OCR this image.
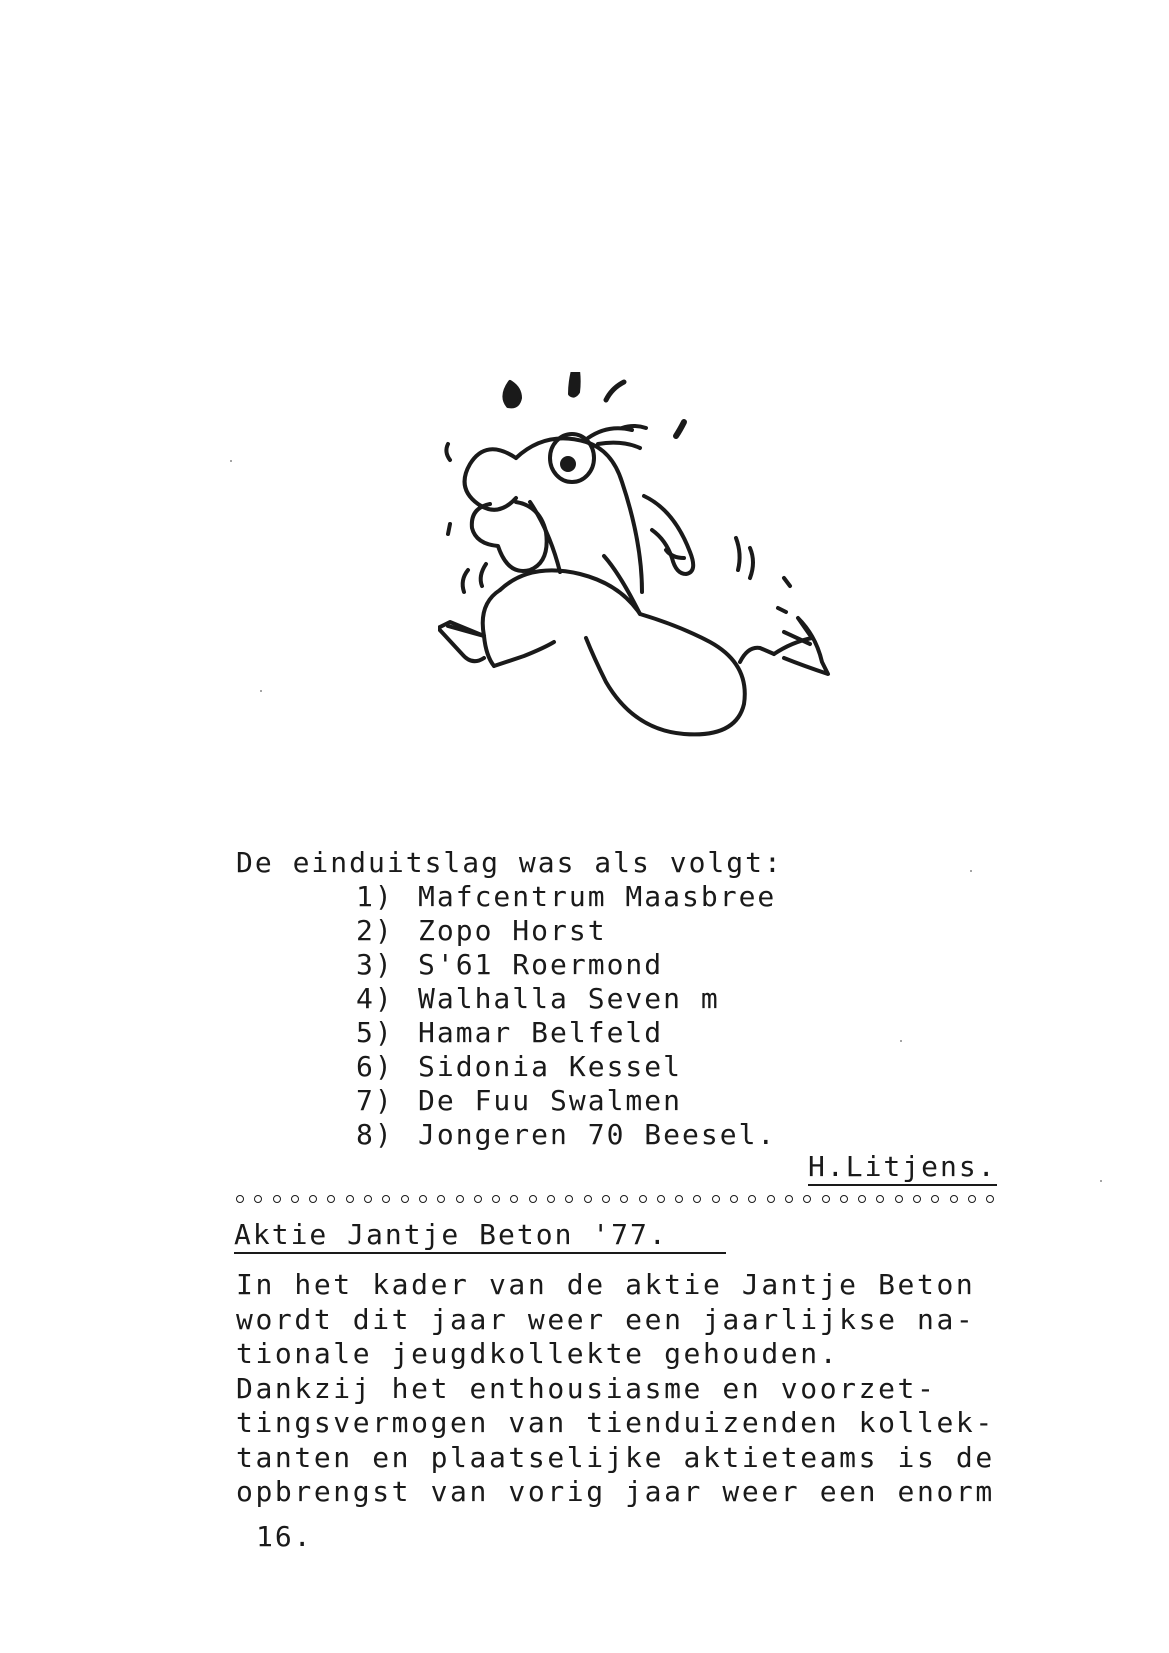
De einduitslag was als volgt:
1) Mafcentrum Maasbree
2) Zopo Horst
3) S'61 Roermond
4) Walhalla Seven m
5) Hamar Belfeld
6) Sidonia Kessel
7) De Fuu Swalmen
8) Jongeren 70 Beesel.
H.Litjens.
Aktie Jantje Beton '77.

In het kader van de aktie Jantje Beton

wordt dit jaar weer een jaarlijkse na-

tionale jeugdkollekte gehouden.

Dankzij het enthousiasme en voorzet-

tingsvermogen van tienduizenden kollek-

tanten en plaatselijke aktieteams is de

opbrengst van vorig jaar weer een enorm

16.
